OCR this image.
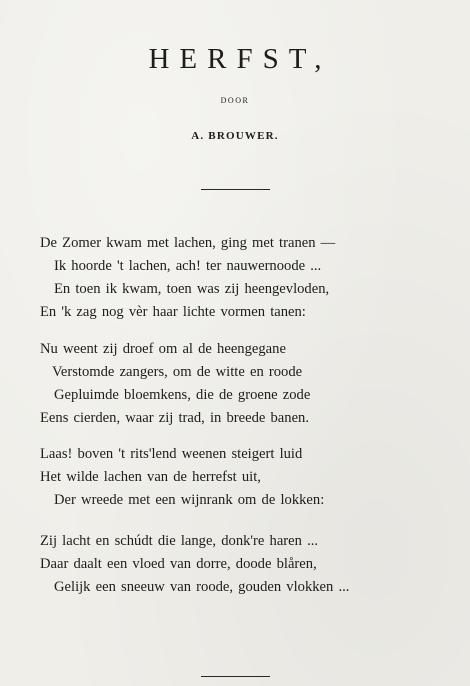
HERFST,
DOOR
A. BROUWER.
De Zomer kwam met lachen, ging met tranen —
Ik hoorde 't lachen, ach! ter nauwernoode ...
En toen ik kwam, toen was zij heengevloden,
En 'k zag nog vèr haar lichte vormen tanen:
Nu weent zij droef om al de heengegane
Verstomde zangers, om de witte en roode
Gepluimde bloemkens, die de groene zode
Eens cierden, waar zij trad, in breede banen.
Laas! boven 't rits'lend weenen steigert luid
Het wilde lachen van de herrefst uit,
Der wreede met een wijnrank om de lokken:
Zij lacht en schúdt die lange, donk're haren ...
Daar daalt een vloed van dorre, doode blåren,
Gelijk een sneeuw van roode, gouden vlokken ...
